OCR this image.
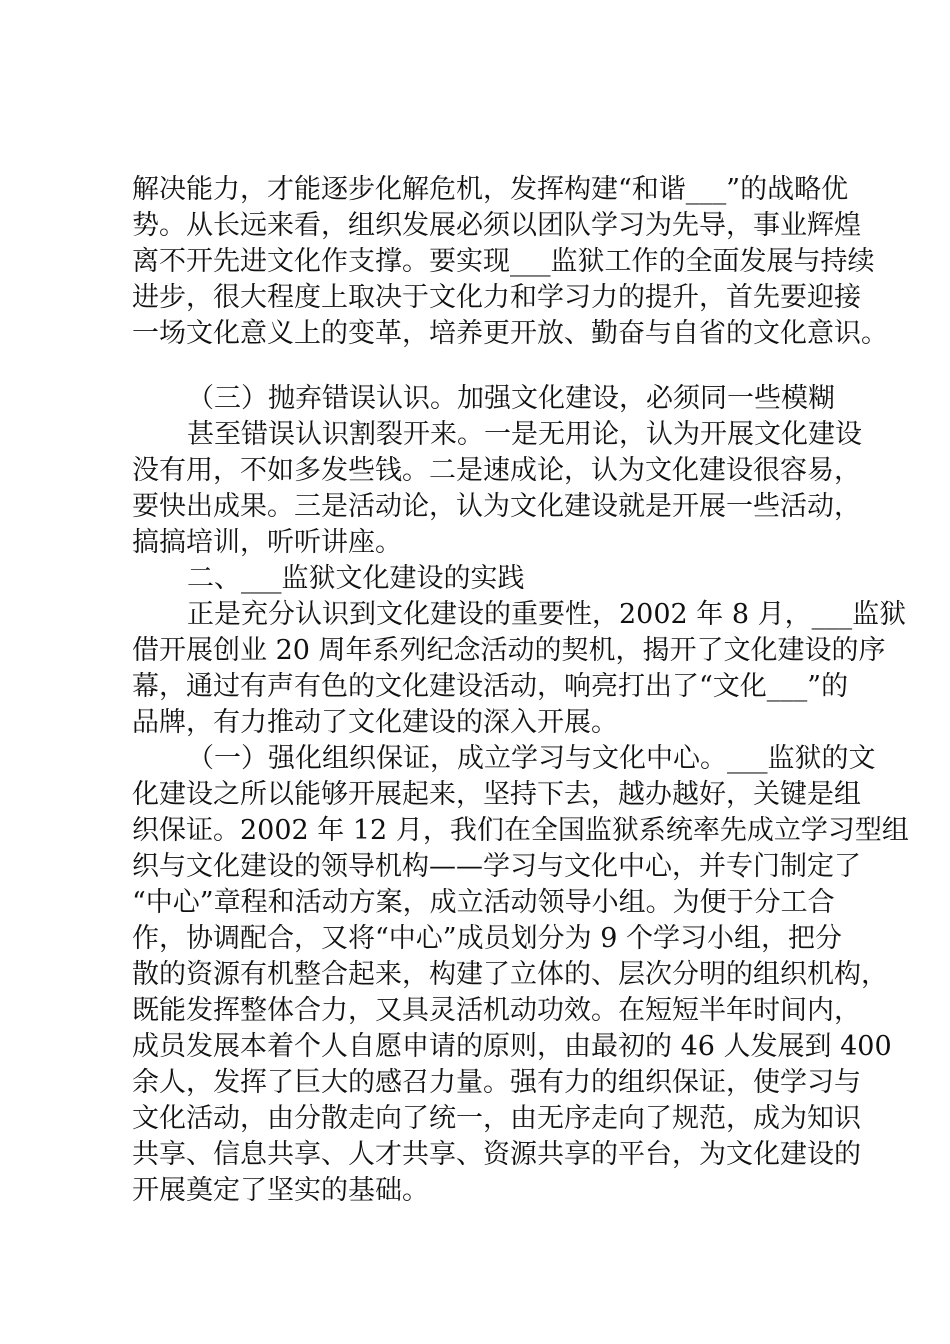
解决能力，才能逐步化解危机，发挥构建“和谐___”的战略优
势。从长远来看，组织发展必须以团队学习为先导，事业辉煌
离不开先进文化作支撑。要实现___监狱工作的全面发展与持续
进步，很大程度上取决于文化力和学习力的提升，首先要迎接
一场文化意义上的变革，培养更开放、勤奋与自省的文化意识。
（三）抛弃错误认识。加强文化建设，必须同一些模糊
甚至错误认识割裂开来。一是无用论，认为开展文化建设
没有用，不如多发些钱。二是速成论，认为文化建设很容易，
要快出成果。三是活动论，认为文化建设就是开展一些活动，
搞搞培训，听听讲座。
二、___监狱文化建设的实践
正是充分认识到文化建设的重要性，2002 年 8 月，___监狱
借开展创业 20 周年系列纪念活动的契机，揭开了文化建设的序
幕，通过有声有色的文化建设活动，响亮打出了“文化___”的
品牌，有力推动了文化建设的深入开展。
（一）强化组织保证，成立学习与文化中心。___监狱的文
化建设之所以能够开展起来，坚持下去，越办越好，关键是组
织保证。2002 年 12 月，我们在全国监狱系统率先成立学习型组
织与文化建设的领导机构——学习与文化中心，并专门制定了
“中心”章程和活动方案，成立活动领导小组。为便于分工合
作，协调配合，又将“中心”成员划分为 9 个学习小组，把分
散的资源有机整合起来，构建了立体的、层次分明的组织机构，
既能发挥整体合力，又具灵活机动功效。在短短半年时间内，
成员发展本着个人自愿申请的原则，由最初的 46 人发展到 400
余人，发挥了巨大的感召力量。强有力的组织保证，使学习与
文化活动，由分散走向了统一，由无序走向了规范，成为知识
共享、信息共享、人才共享、资源共享的平台，为文化建设的
开展奠定了坚实的基础。
